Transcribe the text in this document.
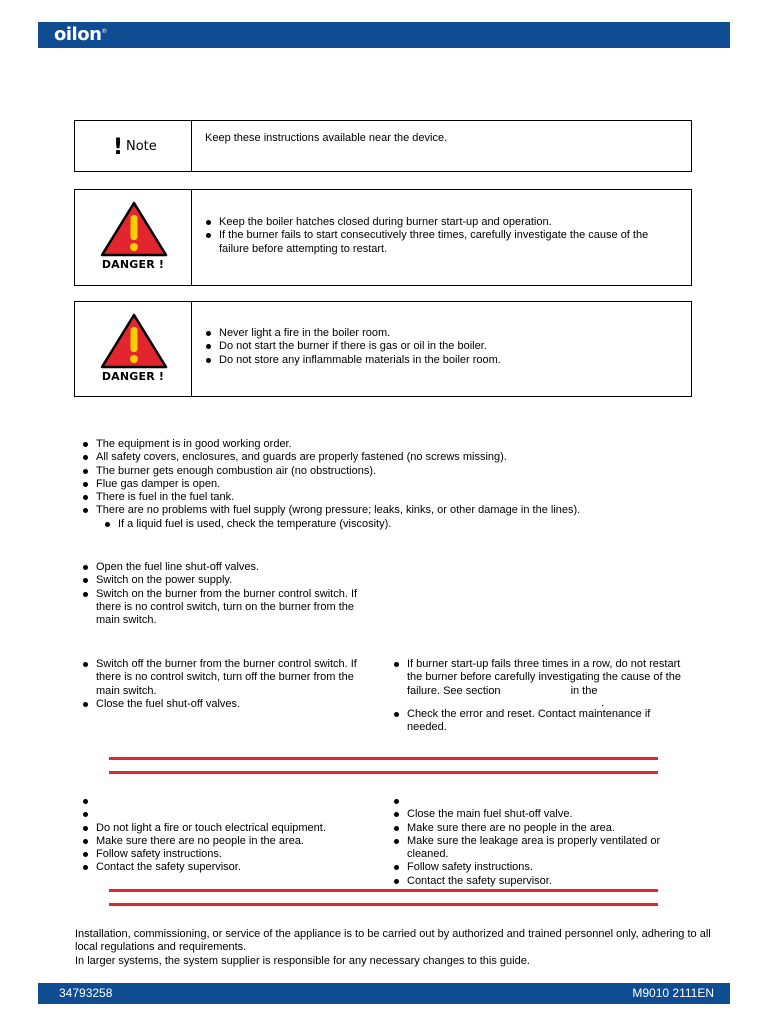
oilon®
! Note
Keep these instructions available near the device.
DANGER !
Keep the boiler hatches closed during burner start-up and operation.
If the burner fails to start consecutively three times, carefully investigate the cause of the failure before attempting to restart.
DANGER !
Never light a fire in the boiler room.
Do not start the burner if there is gas or oil in the boiler.
Do not store any inflammable materials in the boiler room.
The equipment is in good working order.
All safety covers, enclosures, and guards are properly fastened (no screws missing).
The burner gets enough combustion air (no obstructions).
Flue gas damper is open.
There is fuel in the fuel tank.
There are no problems with fuel supply (wrong pressure; leaks, kinks, or other damage in the lines).
If a liquid fuel is used, check the temperature (viscosity).
Open the fuel line shut-off valves.
Switch on the power supply.
Switch on the burner from the burner control switch. If there is no control switch, turn on the burner from the main switch.
Switch off the burner from the burner control switch. If there is no control switch, turn off the burner from the main switch.
Close the fuel shut-off valves.
If burner start-up fails three times in a row, do not restart the burner before carefully investigating the cause of the failure. See section	in the
.
Check the error and reset. Contact maintenance if needed.

Do not light a fire or touch electrical equipment.
Make sure there are no people in the area.
Follow safety instructions.
Contact the safety supervisor.

Close the main fuel shut-off valve.
Make sure there are no people in the area.
Make sure the leakage area is properly ventilated or cleaned.
Follow safety instructions.
Contact the safety supervisor.
Installation, commissioning, or service of the appliance is to be carried out by authorized and trained personnel only, adhering to all local regulations and requirements.
In larger systems, the system supplier is responsible for any necessary changes to this guide.
34793258	M9010 2111EN
